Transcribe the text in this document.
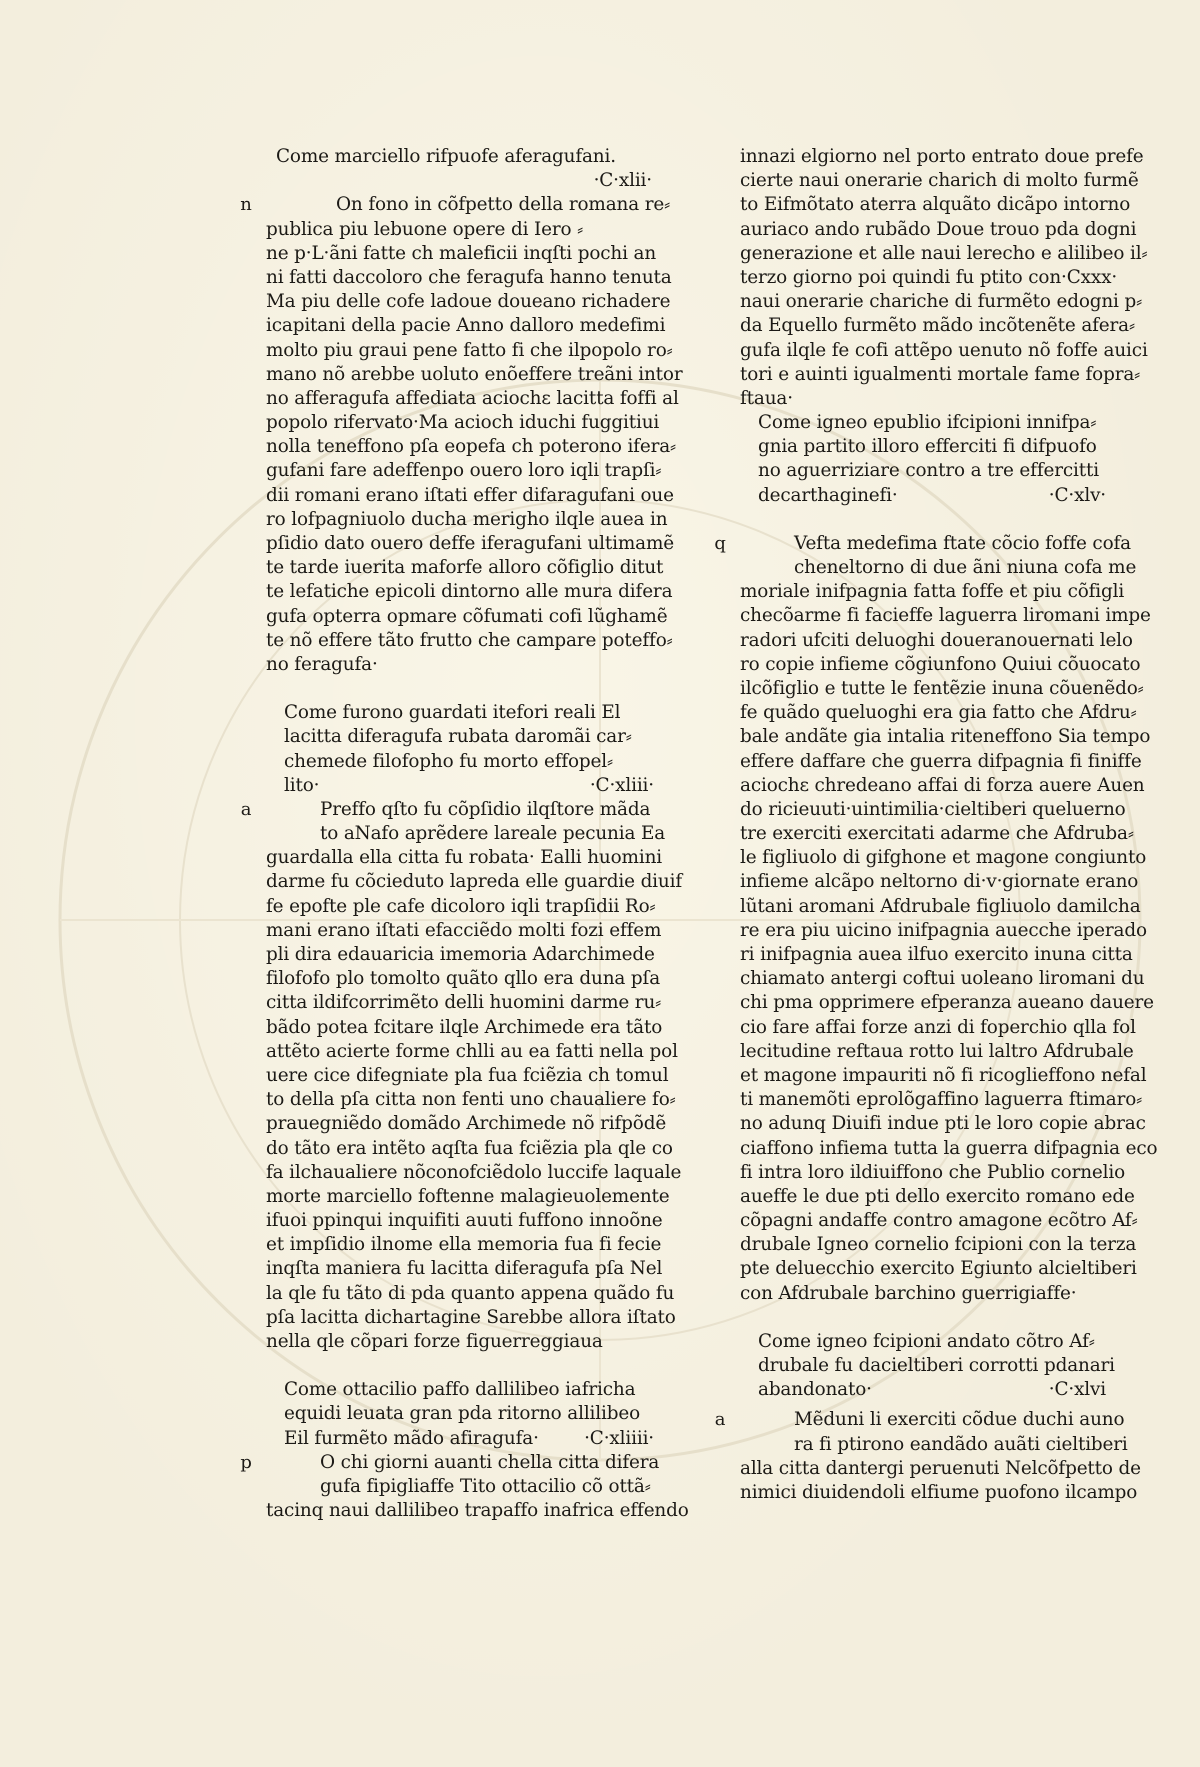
Come marciello rifpuofe aferagufani.
·C·xlii·
n	On fono in cõfpetto della romana re⸗
publica piu lebuone opere di Iero ⸗
ne p·L·ãni fatte ch maleficii inqſti pochi an
ni fatti daccoloro che feragufa hanno tenuta
Ma piu delle cofe ladoue doueano richadere
icapitani della pacie Anno dalloro medefimi
molto piu graui pene fatto fi che ilpopolo ro⸗
mano nõ arebbe uoluto enõeffere treãni intor
no afferagufa affediata aciochε lacitta foffi al
popolo rifervato·Ma acioch iduchi fuggitiui
nolla teneffono pſa eopefa ch poterono ifera⸗
gufani fare adeffenpo ouero loro iqli trapſi⸗
dii romani erano iſtati effer difaragufani oue
ro lofpagniuolo ducha merigho ilqle auea in
pſidio dato ouero deffe iferagufani ultimamẽ
te tarde iuerita maforfe alloro cõfiglio ditut
te lefatiche epicoli dintorno alle mura difera
gufa opterra opmare cõfumati cofi lũghamẽ
te nõ effere tãto frutto che campare poteffo⸗
no feragufa·
Come furono guardati itefori reali El
lacitta diferagufa rubata daromãi car⸗
chemede filofopho fu morto effopel⸗
lito·	·C·xliii·
a	Preffo qſto fu cõpſidio ilqſtore mãda
to aNafo aprẽdere lareale pecunia Ea
guardalla ella citta fu robata· Ealli huomini
darme fu cõcieduto lapreda elle guardie diuif
fe epofte ple cafe dicoloro iqli trapſidii Ro⸗
mani erano iſtati efacciẽdo molti fozi effem
pli dira edauaricia imemoria Adarchimede
filofofo plo tomolto quãto qllo era duna pſa
citta ildifcorrimẽto delli huomini darme ru⸗
bãdo potea fcitare ilqle Archimede era tãto
attẽto acierte forme chlli au ea fatti nella pol
uere cice difegniate pla fua fciẽzia ch tomul
to della pſa citta non fenti uno chaualiere fo⸗
prauegniẽdo domãdo Archimede nõ rifpõdẽ
do tãto era intẽto aqſta fua fciẽzia pla qle co
fa ilchaualiere nõconofciẽdolo luccife laquale
morte marciello foftenne malagieuolemente
ifuoi ppinqui inquifiti auuti fuffono innoõne
et impſidio ilnome ella memoria fua fi fecie
inqſta maniera fu lacitta diferagufa pſa Nel
la qle fu tãto di pda quanto appena quãdo fu
pſa lacitta dichartagine Sarebbe allora iſtato
nella qle cõpari forze figuerreggiaua
Come ottacilio paffo dallilibeo iafricha
equidi leuata gran pda ritorno allilibeo
Eil furmẽto mãdo afiragufa· ·C·xliiii·
p	O chi giorni auanti chella citta difera
gufa fipigliaffe Tito ottacilio cõ ottã⸗
tacinq naui dallilibeo trapaffo inafrica effendo
innazi elgiorno nel porto entrato doue prefe
cierte naui onerarie charich di molto furmẽ
to Eifmõtato aterra alquãto dicãpo intorno
auriaco ando rubãdo Doue trouo pda dogni
generazione et alle naui lerecho e alilibeo il⸗
terzo giorno poi quindi fu ptito con·Cxxx·
naui onerarie chariche di furmẽto edogni p⸗
da Equello furmẽto mãdo incõtenẽte afera⸗
gufa ilqle fe cofi attẽpo uenuto nõ foffe auici
tori e auinti igualmenti mortale fame fopra⸗
ftaua·
Come igneo epublio ifcipioni innifpa⸗
gnia partito illoro efferciti fi difpuofo
no aguerriziare contro a tre effercitti
decarthaginefi·	·C·xlv·
q	Vefta medefima ftate cõcio foffe cofa
cheneltorno di due ãni niuna cofa me
moriale inifpagnia fatta foffe et piu cõfigli
checõarme fi facieffe laguerra liromani impe
radori ufciti deluoghi doueranouernati lelo
ro copie infieme cõgiunfono Quiui cõuocato
ilcõfiglio e tutte le fentẽzie inuna cõuenẽdo⸗
fe quãdo queluoghi era gia fatto che Afdru⸗
bale andãte gia intalia riteneffono Sia tempo
effere daffare che guerra difpagnia fi finiffe
aciochε chredeano affai di forza auere Auen
do ricieuuti·uintimilia·cieltiberi queluerno
tre exerciti exercitati adarme che Afdruba⸗
le figliuolo di gifghone et magone congiunto
infieme alcãpo neltorno di·v·giornate erano
lũtani aromani Afdrubale figliuolo damilcha
re era piu uicino inifpagnia auecche iperado
ri inifpagnia auea ilfuo exercito inuna citta
chiamato antergi coftui uoleano liromani du
chi pma opprimere efperanza aueano dauere
cio fare affai forze anzi di foperchio qlla fol
lecitudine reftaua rotto lui laltro Afdrubale
et magone impauriti nõ fi ricoglieffono nefal
ti manemõti eprolõgaffino laguerra ftimaro⸗
no adunq Diuifi indue pti le loro copie abrac
ciaffono infiema tutta la guerra difpagnia eco
fi intra loro ildiuiffono che Publio cornelio
aueffe le due pti dello exercito romano ede
cõpagni andaffe contro amagone ecõtro Af⸗
drubale Igneo cornelio fcipioni con la terza
pte deluecchio exercito Egiunto alcieltiberi
con Afdrubale barchino guerrigiaffe·
Come igneo fcipioni andato cõtro Af⸗
drubale fu dacieltiberi corrotti pdanari
abandonato·	·C·xlvi
a	Mẽduni li exerciti cõdue duchi auno
ra fi ptirono eandãdo auãti cieltiberi
alla citta dantergi peruenuti Nelcõfpetto de
nimici diuidendoli elfiume puofono ilcampo
